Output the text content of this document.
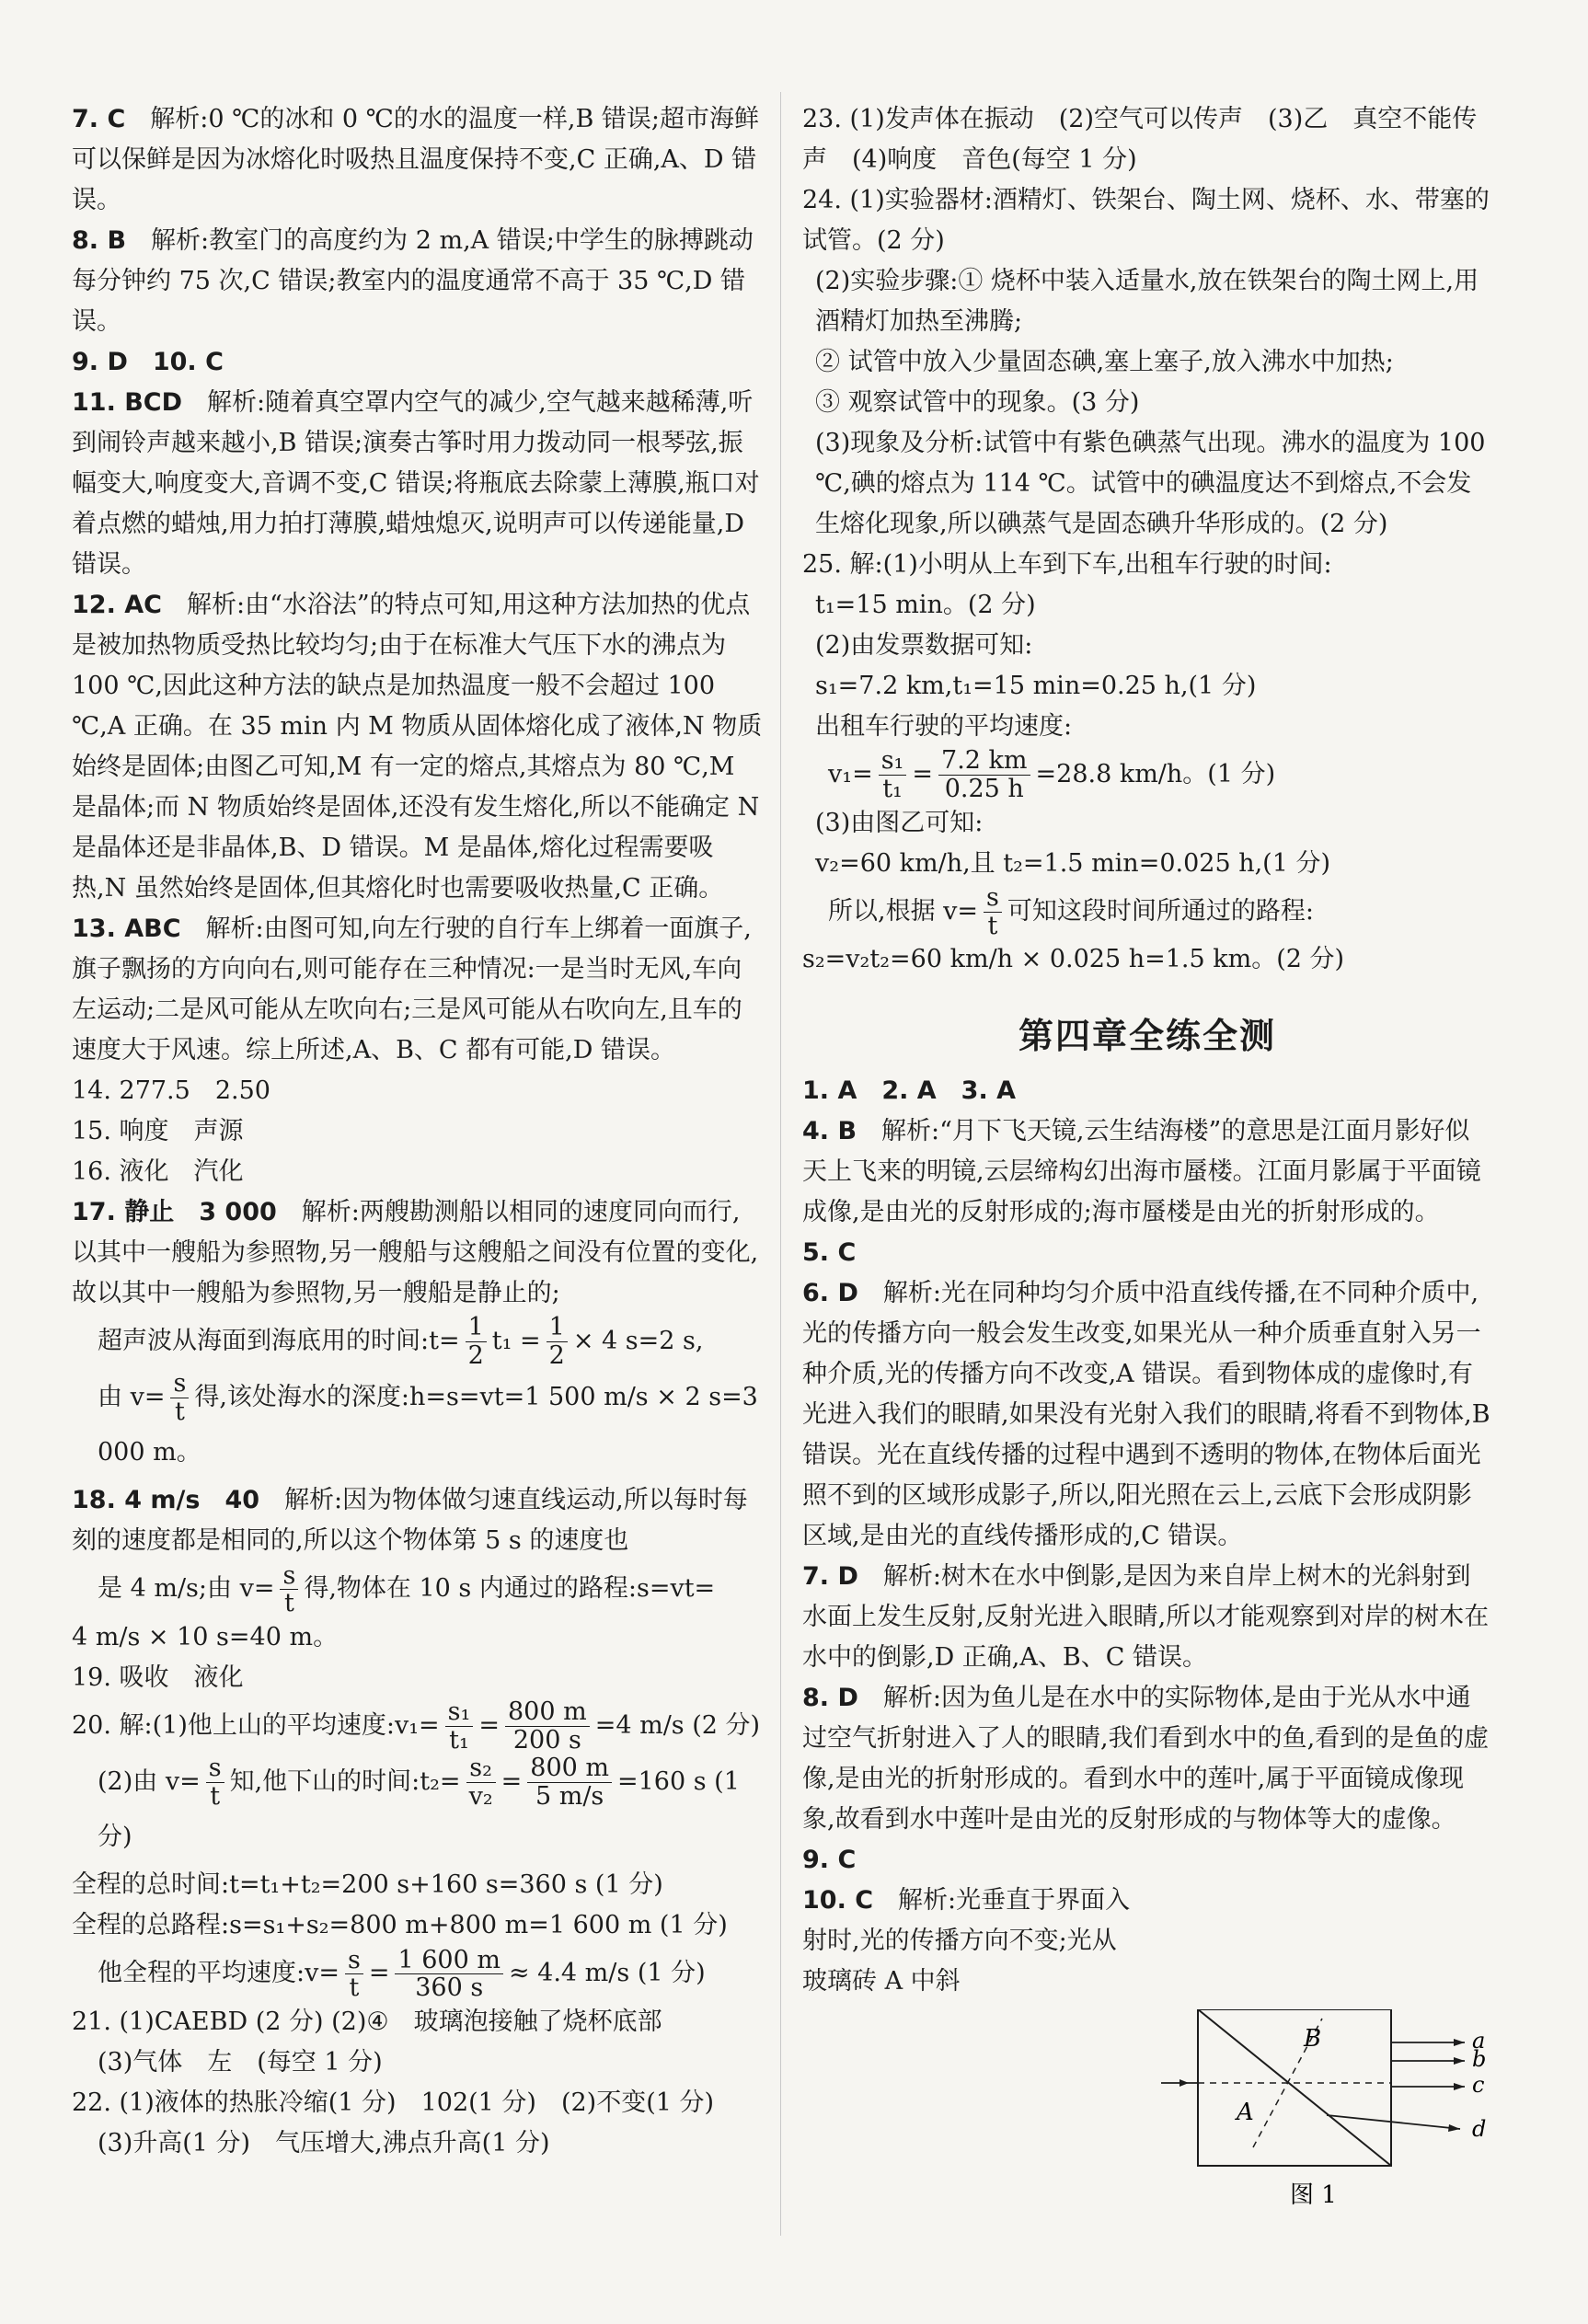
7. C　 解析:0 ℃的冰和 0 ℃的水的温度一样,B 错误;超市海鲜可以保鲜是因为冰熔化时吸热且温度保持不变,C 正确,A、D 错误。

8. B　 解析:教室门的高度约为 2 m,A 错误;中学生的脉搏跳动每分钟约 75 次,C 错误;教室内的温度通常不高于 35 ℃,D 错误。

9. D　10. C

11. BCD　 解析:随着真空罩内空气的减少,空气越来越稀薄,听到闹铃声越来越小,B 错误;演奏古筝时用力拨动同一根琴弦,振幅变大,响度变大,音调不变,C 错误;将瓶底去除蒙上薄膜,瓶口对着点燃的蜡烛,用力拍打薄膜,蜡烛熄灭,说明声可以传递能量,D 错误。

12. AC　 解析:由“水浴法”的特点可知,用这种方法加热的优点是被加热物质受热比较均匀;由于在标准大气压下水的沸点为 100 ℃,因此这种方法的缺点是加热温度一般不会超过 100 ℃,A 正确。在 35 min 内 M 物质从固体熔化成了液体,N 物质始终是固体;由图乙可知,M 有一定的熔点,其熔点为 80 ℃,M 是晶体;而 N 物质始终是固体,还没有发生熔化,所以不能确定 N 是晶体还是非晶体,B、D 错误。M 是晶体,熔化过程需要吸热,N 虽然始终是固体,但其熔化时也需要吸收热量,C 正确。

13. ABC　 解析:由图可知,向左行驶的自行车上绑着一面旗子,旗子飘扬的方向向右,则可能存在三种情况:一是当时无风,车向左运动;二是风可能从左吹向右;三是风可能从右吹向左,且车的速度大于风速。综上所述,A、B、C 都有可能,D 错误。

14. 277.5　2.50

15. 响度　声源

16. 液化　汽化

17. 静止　3 000　 解析:两艘勘测船以相同的速度同向而行,以其中一艘船为参照物,另一艘船与这艘船之间没有位置的变化,故以其中一艘船为参照物,另一艘船是静止的;

超声波从海面到海底用的时间:t= $\frac{1}{2} t_1 = \frac{1}{2} \times 4$ s=2 s,

由 $v= \frac{s}{t}$ 得,该处海水的深度:h=s=vt=1 500 m/s × 2 s=3 000 m。

18. 4 m/s　40　 解析:因为物体做匀速直线运动,所以每时每刻的速度都是相同的,所以这个物体第 5 s 的速度也

是 4 m/s;由 $v= \frac{s}{t}$ 得,物体在 10 s 内通过的路程:s=vt=

4 m/s × 10 s=40 m。

19. 吸收　液化

20. 解:(1)他上山的平均速度:v₁= $\frac{\text{s₁}}{\text{t₁}} = \frac{800 m}{200 s} =4$ m/s (2 分)

(2)由 $v= \frac{s}{t}$ 知,他下山的时间:t₂= $\frac{\text{s₂}}{\text{v₂}} = \frac{800 m}{5 m/s} =160$ s (1 分)

全程的总时间:t=t₁+t₂=200 s+160 s=360 s (1 分)

全程的总路程:s=s₁+s₂=800 m+800 m=1 600 m (1 分)

他全程的平均速度:v= $\frac{s}{t} = \frac{1 600 m}{360 s} \approx 4.4$ m/s (1 分)

21. (1)CAEBD (2 分) (2)④　玻璃泡接触了烧杯底部

(3)气体　左　(每空 1 分)

22. (1)液体的热胀冷缩(1 分)　102(1 分)　(2)不变(1 分)

(3)升高(1 分)　气压增大,沸点升高(1 分)

23. (1)发声体在振动　(2)空气可以传声　(3)乙　真空不能传声　(4)响度　音色(每空 1 分)

24. (1)实验器材:酒精灯、铁架台、陶土网、烧杯、水、带塞的试管。(2 分)

(2)实验步骤:① 烧杯中装入适量水,放在铁架台的陶土网上,用酒精灯加热至沸腾;

② 试管中放入少量固态碘,塞上塞子,放入沸水中加热;

③ 观察试管中的现象。(3 分)

(3)现象及分析:试管中有紫色碘蒸气出现。沸水的温度为 100 ℃,碘的熔点为 114 ℃。试管中的碘温度达不到熔点,不会发生熔化现象,所以碘蒸气是固态碘升华形成的。(2 分)

25. 解:(1)小明从上车到下车,出租车行驶的时间:

t₁=15 min。(2 分)

(2)由发票数据可知:

s₁=7.2 km,t₁=15 min=0.25 h,(1 分)

出租车行驶的平均速度:

$v_1= \frac{\text{s₁}}{\text{t₁}} = \frac{7.2 km}{0.25 h} =28.8$ km/h。(1 分)

(3)由图乙可知:

v₂=60 km/h,且 t₂=1.5 min=0.025 h,(1 分)

所以,根据 $v= \frac{s}{t}$ 可知这段时间所通过的路程:

s₂=v₂t₂=60 km/h × 0.025 h=1.5 km。(2 分)

第四章全练全测

1. A　2. A　3. A

4. B　 解析:“月下飞天镜,云生结海楼”的意思是江面月影好似天上飞来的明镜,云层缔构幻出海市蜃楼。江面月影属于平面镜成像,是由光的反射形成的;海市蜃楼是由光的折射形成的。

5. C

6. D　 解析:光在同种均匀介质中沿直线传播,在不同种介质中,光的传播方向一般会发生改变,如果光从一种介质垂直射入另一种介质,光的传播方向不改变,A 错误。看到物体成的虚像时,有光进入我们的眼睛,如果没有光射入我们的眼睛,将看不到物体,B 错误。光在直线传播的过程中遇到不透明的物体,在物体后面光照不到的区域形成影子,所以,阳光照在云上,云底下会形成阴影区域,是由光的直线传播形成的,C 错误。

7. D　 解析:树木在水中倒影,是因为来自岸上树木的光斜射到水面上发生反射,反射光进入眼睛,所以才能观察到对岸的树木在水中的倒影,D 正确,A、B、C 错误。

8. D　 解析:因为鱼儿是在水中的实际物体,是由于光从水中通过空气折射进入了人的眼睛,我们看到水中的鱼,看到的是鱼的虚像,是由光的折射形成的。看到水中的莲叶,属于平面镜成像现象,故看到水中莲叶是由光的反射形成的与物体等大的虚像。

9. C

10. C　 解析:光垂直于界面入射时,光的传播方向不变;光从玻璃砖 A 中斜

B
A
a
b
c
d
图 1
